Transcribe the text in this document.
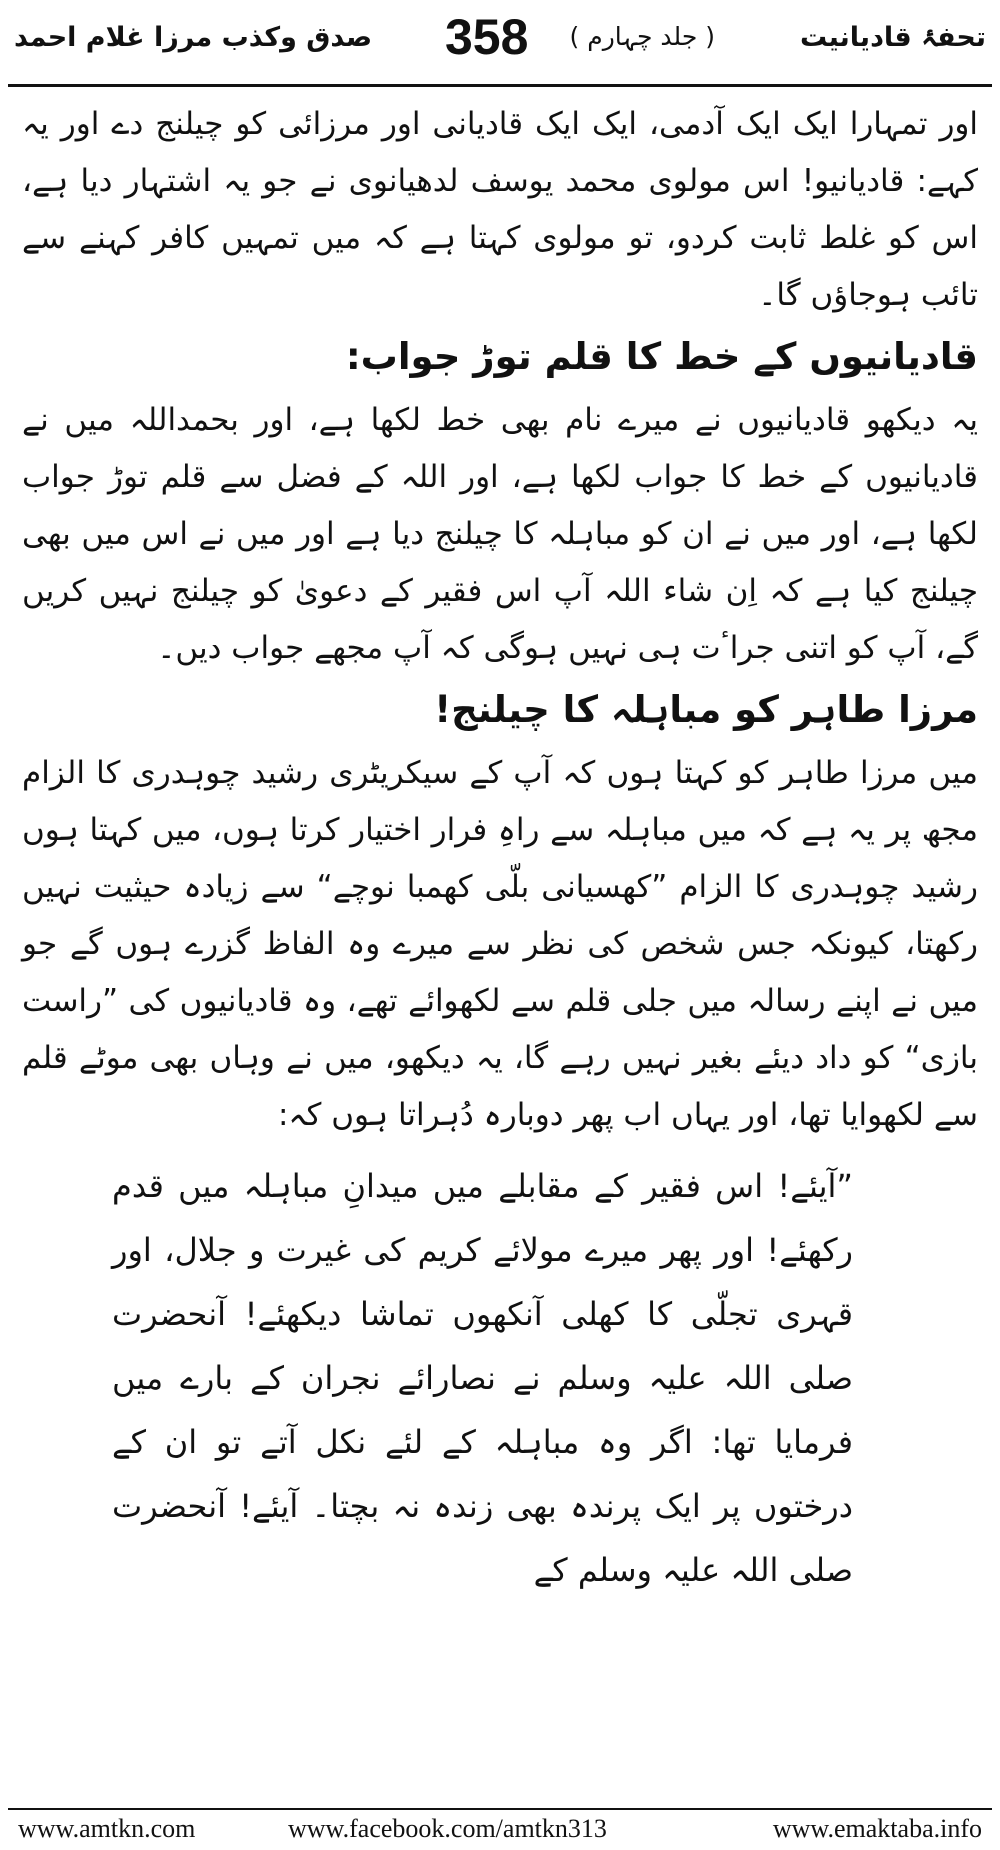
تحفۂ قادیانیت
( جلد چہارم )
358
صدق وکذب مرزا غلام احمد

اور تمہارا ایک ایک آدمی، ایک ایک قادیانی اور مرزائی کو چیلنج دے اور یہ کہے: قادیانیو! اس مولوی محمد یوسف لدھیانوی نے جو یہ اشتہار دیا ہے، اس کو غلط ثابت کردو، تو مولوی کہتا ہے کہ میں تمہیں کافر کہنے سے تائب ہوجاؤں گا۔

قادیانیوں کے خط کا قلم توڑ جواب:

یہ دیکھو قادیانیوں نے میرے نام بھی خط لکھا ہے، اور بحمداللہ میں نے قادیانیوں کے خط کا جواب لکھا ہے، اور اللہ کے فضل سے قلم توڑ جواب لکھا ہے، اور میں نے ان کو مباہلہ کا چیلنج دیا ہے اور میں نے اس میں بھی چیلنج کیا ہے کہ اِن شاء اللہ آپ اس فقیر کے دعویٰ کو چیلنج نہیں کریں گے، آپ کو اتنی جراٴت ہی نہیں ہوگی کہ آپ مجھے جواب دیں۔

مرزا طاہر کو مباہلہ کا چیلنج!

میں مرزا طاہر کو کہتا ہوں کہ آپ کے سیکریٹری رشید چوہدری کا الزام مجھ پر یہ ہے کہ میں مباہلہ سے راہِ فرار اختیار کرتا ہوں، میں کہتا ہوں رشید چوہدری کا الزام ”کھسیانی بلّی کھمبا نوچے“ سے زیادہ حیثیت نہیں رکھتا، کیونکہ جس شخص کی نظر سے میرے وہ الفاظ گزرے ہوں گے جو میں نے اپنے رسالہ میں جلی قلم سے لکھوائے تھے، وہ قادیانیوں کی ”راست بازی“ کو داد دیئے بغیر نہیں رہے گا، یہ دیکھو، میں نے وہاں بھی موٹے قلم سے لکھوایا تھا، اور یہاں اب پھر دوبارہ دُہراتا ہوں کہ:

”آیئے! اس فقیر کے مقابلے میں میدانِ مباہلہ میں قدم رکھئے! اور پھر میرے مولائے کریم کی غیرت و جلال، اور قہری تجلّی کا کھلی آنکھوں تماشا دیکھئے! آنحضرت صلی اللہ علیہ وسلم نے نصارائے نجران کے بارے میں فرمایا تھا: اگر وہ مباہلہ کے لئے نکل آتے تو ان کے درختوں پر ایک پرندہ بھی زندہ نہ بچتا۔ آیئے! آنحضرت صلی اللہ علیہ وسلم کے

www.amtkn.com	www.facebook.com/amtkn313	www.emaktaba.info
